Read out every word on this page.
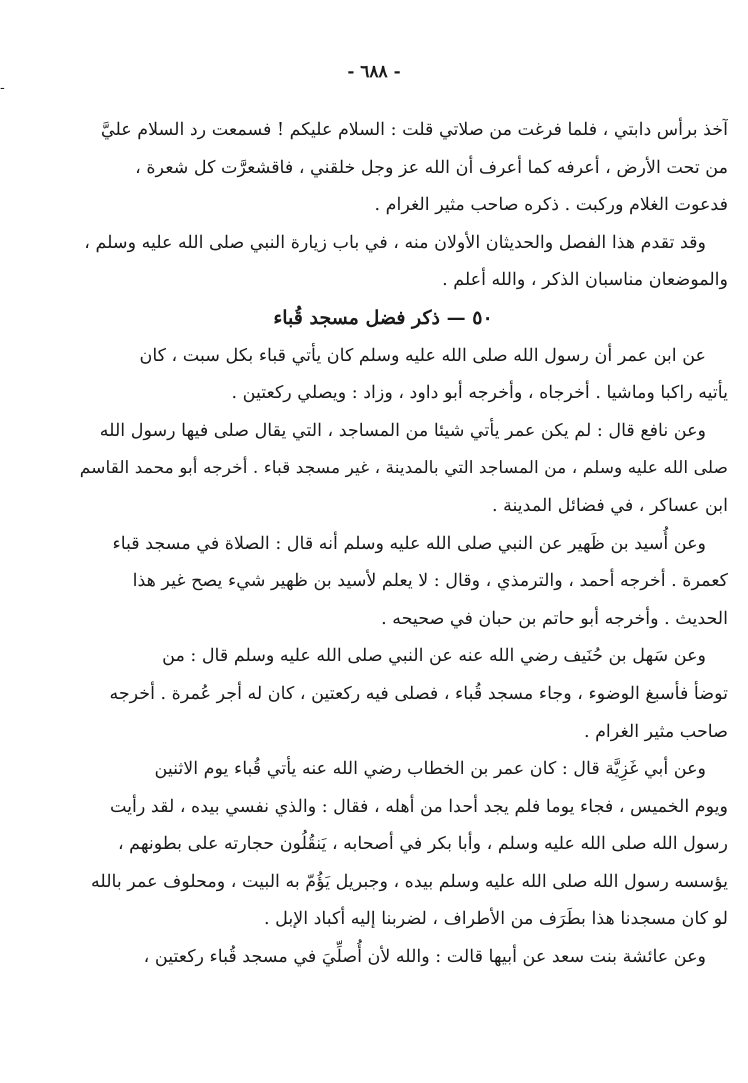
- ٦٨٨ -
-
آخذ برأس دابتي ، فلما فرغت من صلاتي قلت : السلام عليكم ! فسمعت رد السلام عليَّ
من تحت الأرض ، أعرفه كما أعرف أن الله عز وجل خلقني ، فاقشعرَّت كل شعرة ،
فدعوت الغلام وركبت . ذكره صاحب مثير الغرام .
وقد تقدم هذا الفصل والحديثان الأولان منه ، في باب زيارة النبي صلى الله عليه وسلم ،
والموضعان مناسبان الذكر ، والله أعلم .
٥٠ — ذكر فضل مسجد قُباء
عن ابن عمر أن رسول الله صلى الله عليه وسلم كان يأتي قباء بكل سبت ، كان
يأتيه راكبا وماشيا . أخرجاه ، وأخرجه أبو داود ، وزاد : ويصلي ركعتين .
وعن نافع قال : لم يكن عمر يأتي شيئا من المساجد ، التي يقال صلى فيها رسول الله
صلى الله عليه وسلم ، من المساجد التي بالمدينة ، غير مسجد قباء . أخرجه أبو محمد القاسم
ابن عساكر ، في فضائل المدينة .
وعن أُسيد بن ظَهير عن النبي صلى الله عليه وسلم أنه قال : الصلاة في مسجد قباء
كعمرة . أخرجه أحمد ، والترمذي ، وقال : لا يعلم لأسيد بن ظهير شيء يصح غير هذا
الحديث . وأخرجه أبو حاتم بن حبان في صحيحه .
وعن سَهل بن حُنَيف رضي الله عنه عن النبي صلى الله عليه وسلم قال : من
توضأ فأسبغ الوضوء ، وجاء مسجد قُباء ، فصلى فيه ركعتين ، كان له أجر عُمرة . أخرجه
صاحب مثير الغرام .
وعن أبي غَزِيَّة قال : كان عمر بن الخطاب رضي الله عنه يأتي قُباء يوم الاثنين
ويوم الخميس ، فجاء يوما فلم يجد أحدا من أهله ، فقال : والذي نفسي بيده ، لقد رأيت
رسول الله صلى الله عليه وسلم ، وأبا بكر في أصحابه ، يَنقُلُون حجارته على بطونهم ،
يؤسسه رسول الله صلى الله عليه وسلم بيده ، وجبريل يَؤُمّ به البيت ، ومحلوف عمر بالله
لو كان مسجدنا هذا بطَرَف من الأطراف ، لضربنا إليه أكباد الإبل .
وعن عائشة بنت سعد عن أبيها قالت : والله لأن أُصلِّيَ في مسجد قُباء ركعتين ،
